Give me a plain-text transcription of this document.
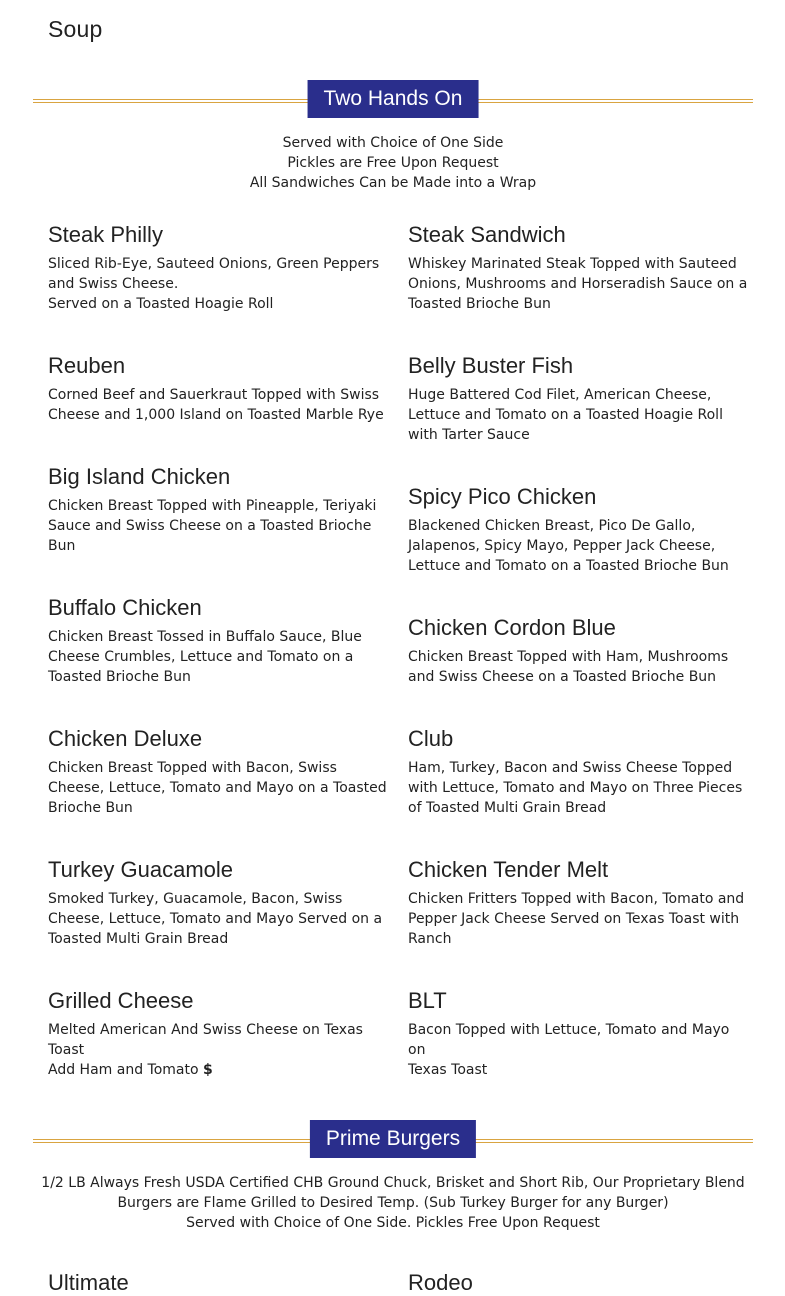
Soup
Two Hands On
Served with Choice of One Side
Pickles are Free Upon Request
All Sandwiches Can be Made into a Wrap
Steak Philly
Sliced Rib-Eye, Sauteed Onions, Green Peppers
and Swiss Cheese.
Served on a Toasted Hoagie Roll
Steak Sandwich
Whiskey Marinated Steak Topped with Sauteed
Onions, Mushrooms and Horseradish Sauce on a
Toasted Brioche Bun
Reuben
Corned Beef and Sauerkraut Topped with Swiss
Cheese and 1,000 Island on Toasted Marble Rye
Belly Buster Fish
Huge Battered Cod Filet, American Cheese,
Lettuce and Tomato on a Toasted Hoagie Roll
with Tarter Sauce
Big Island Chicken
Chicken Breast Topped with Pineapple, Teriyaki
Sauce and Swiss Cheese on a Toasted Brioche
Bun
Spicy Pico Chicken
Blackened Chicken Breast, Pico De Gallo,
Jalapenos, Spicy Mayo, Pepper Jack Cheese,
Lettuce and Tomato on a Toasted Brioche Bun
Buffalo Chicken
Chicken Breast Tossed in Buffalo Sauce, Blue
Cheese Crumbles, Lettuce and Tomato on a
Toasted Brioche Bun
Chicken Cordon Blue
Chicken Breast Topped with Ham, Mushrooms
and Swiss Cheese on a Toasted Brioche Bun
Chicken Deluxe
Chicken Breast Topped with Bacon, Swiss
Cheese, Lettuce, Tomato and Mayo on a Toasted
Brioche Bun
Club
Ham, Turkey, Bacon and Swiss Cheese Topped
with Lettuce, Tomato and Mayo on Three Pieces
of Toasted Multi Grain Bread
Turkey Guacamole
Smoked Turkey, Guacamole, Bacon, Swiss
Cheese, Lettuce, Tomato and Mayo Served on a
Toasted Multi Grain Bread
Chicken Tender Melt
Chicken Fritters Topped with Bacon, Tomato and
Pepper Jack Cheese Served on Texas Toast with
Ranch
Grilled Cheese
Melted American And Swiss Cheese on Texas
Toast
Add Ham and Tomato $
BLT
Bacon Topped with Lettuce, Tomato and Mayo on
Texas Toast
Prime Burgers
1/2 LB Always Fresh USDA Certified CHB Ground Chuck, Brisket and Short Rib, Our Proprietary Blend
Burgers are Flame Grilled to Desired Temp. (Sub Turkey Burger for any Burger)
Served with Choice of One Side. Pickles Free Upon Request
Ultimate	Rodeo
